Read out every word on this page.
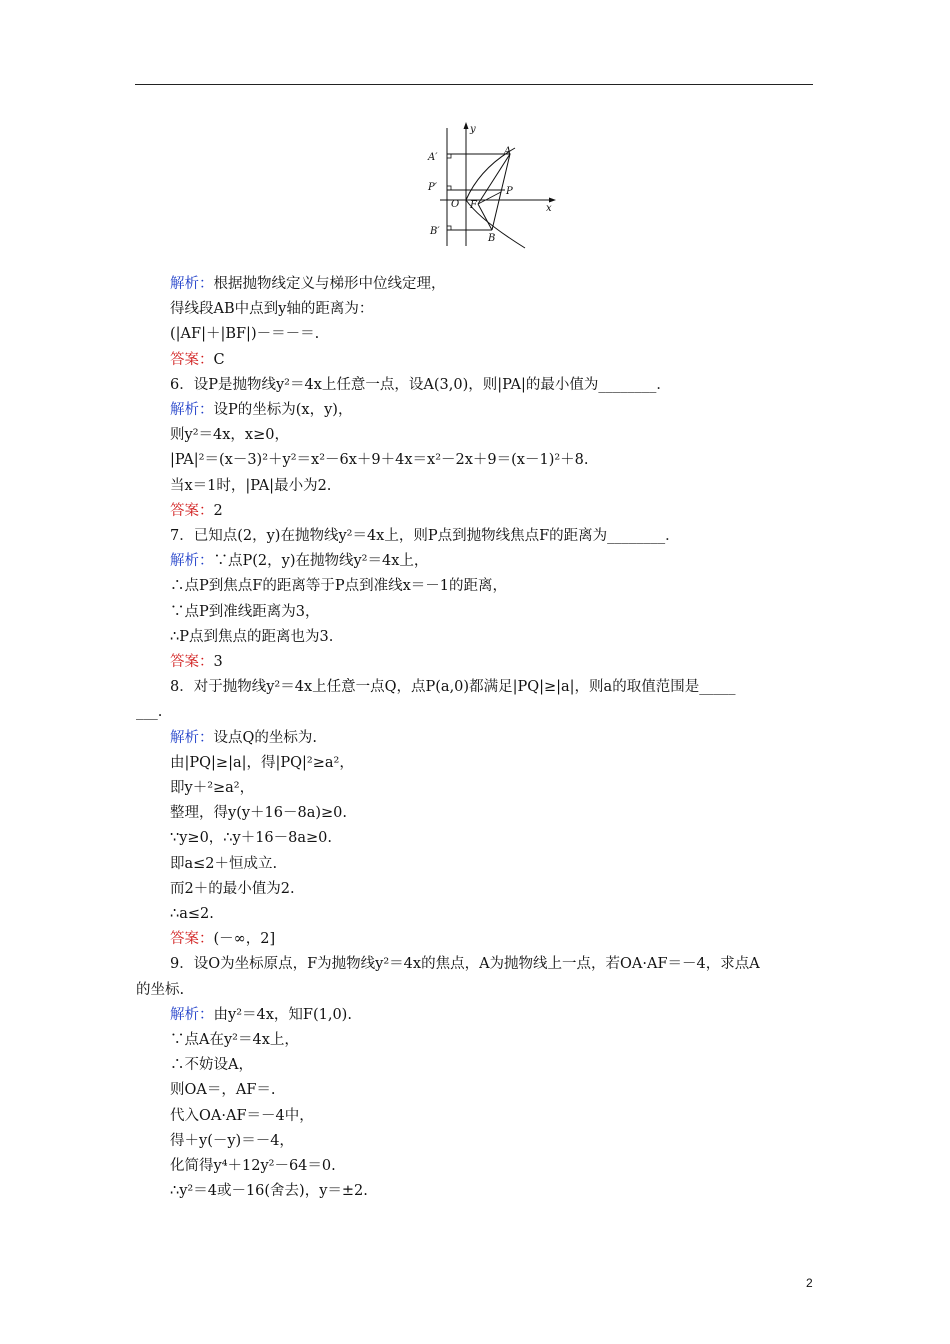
y
x
A′
P′
B′
A
P
O F
B
解析：根据抛物线定义与梯形中位线定理，
得线段AB中点到y轴的距离为：
(|AF|＋|BF|)－＝－＝.
答案：C
6．设P是抛物线y²＝4x上任意一点，设A(3,0)，则|PA|的最小值为________．
解析：设P的坐标为(x，y)，
则y²＝4x，x≥0，
|PA|²＝(x－3)²＋y²＝x²－6x＋9＋4x＝x²－2x＋9＝(x－1)²＋8.
当x＝1时，|PA|最小为2.
答案：2
7．已知点(2，y)在抛物线y²＝4x上，则P点到抛物线焦点F的距离为________．
解析：∵点P(2，y)在抛物线y²＝4x上，
∴点P到焦点F的距离等于P点到准线x＝－1的距离，
∵点P到准线距离为3，
∴P点到焦点的距离也为3.
答案：3
8．对于抛物线y²＝4x上任意一点Q，点P(a,0)都满足|PQ|≥|a|，则a的取值范围是_____
___.
解析：设点Q的坐标为.
由|PQ|≥|a|，得|PQ|²≥a²，
即y＋²≥a²，
整理，得y(y＋16－8a)≥0.
∵y≥0，∴y＋16－8a≥0.
即a≤2＋恒成立.
而2＋的最小值为2.
∴a≤2.
答案：(－∞，2]
9．设O为坐标原点，F为抛物线y²＝4x的焦点，A为抛物线上一点，若OA·AF＝－4，求点A
的坐标.
解析：由y²＝4x，知F(1,0).
∵点A在y²＝4x上，
∴不妨设A，
则OA＝，AF＝.
代入OA·AF＝－4中，
得＋y(－y)＝－4，
化简得y⁴＋12y²－64＝0.
∴y²＝4或－16(舍去)，y＝±2.
2
